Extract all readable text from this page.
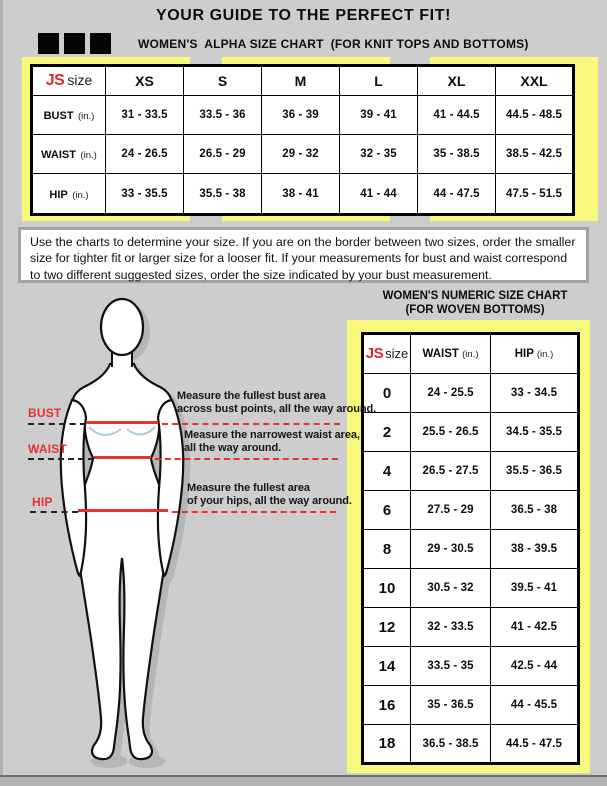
YOUR GUIDE TO THE PERFECT FIT!
WOMEN'S  ALPHA SIZE CHART  (FOR KNIT TOPS AND BOTTOMS)
JS size	XS	S	M	L	XL	XXL
BUST (in.)	31 - 33.5	33.5 - 36	36 - 39	39 - 41	41 - 44.5	44.5 - 48.5
WAIST (in.)	24 - 26.5	26.5 - 29	29 - 32	32 - 35	35 - 38.5	38.5 - 42.5
HIP (in.)	33 - 35.5	35.5 - 38	38 - 41	41 - 44	44 - 47.5	47.5 - 51.5
Use the charts to determine your size. If you are on the border between two sizes, order the smaller size for tighter fit or larger size for a looser fit. If your measurements for bust and waist correspond to two different suggested sizes, order the size indicated by your bust measurement.
BUST
WAIST
HIP
Measure the fullest bust area
across bust points, all the way around.
Measure the narrowest waist area,
all the way around.
Measure the fullest area
of your hips, all the way around.
WOMEN'S NUMERIC SIZE CHART
(FOR WOVEN BOTTOMS)
JS size	WAIST (in.)	HIP (in.)
0	24 - 25.5	33 - 34.5
2	25.5 - 26.5	34.5 - 35.5
4	26.5 - 27.5	35.5 - 36.5
6	27.5 - 29	36.5 - 38
8	29 - 30.5	38 - 39.5
10	30.5 - 32	39.5 - 41
12	32 - 33.5	41 - 42.5
14	33.5 - 35	42.5 - 44
16	35 - 36.5	44 - 45.5
18	36.5 - 38.5	44.5 - 47.5
